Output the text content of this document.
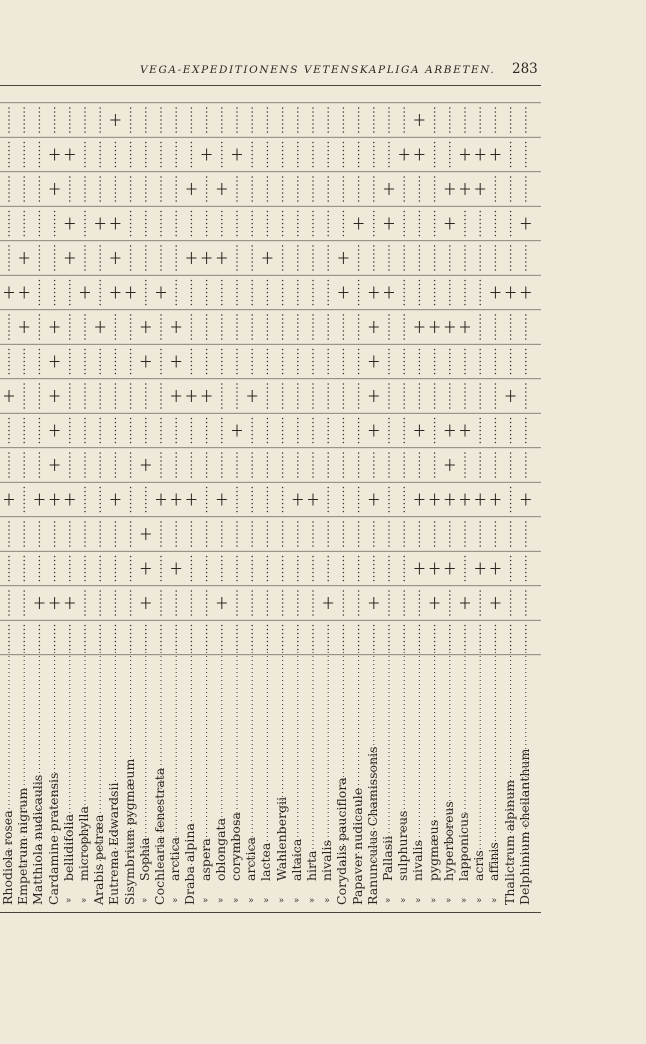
VEGA-EXPEDITIONENS VETENSKAPLIGA ARBETEN. 283
Rhodiola rosea Empetrum nigrum Matthiola nudicaulis Cardamine pratensis »
bellidifolia
»
microphylla Arabis petræa Eutrema Edwardsii Sisymbrium pygmæum »
Sophia Cochlearia fenestrata »
arctica Draba alpina »
aspera
»
oblongata
»
corymbosa
»
arctica
»
lactea
»
Wahlenbergii
»
altaica
»
hirta
»
nivalis Corydalis pauciflora Papaver nudicaule Ranunculus Chamissonis »
Pallasii
»
sulphureus
»
nivalis
»
pygmæus
»
hyperboreus
»
lapponicus
»
acris
»
affinis Thalictrum alpinum Delphinium cheilanthum
